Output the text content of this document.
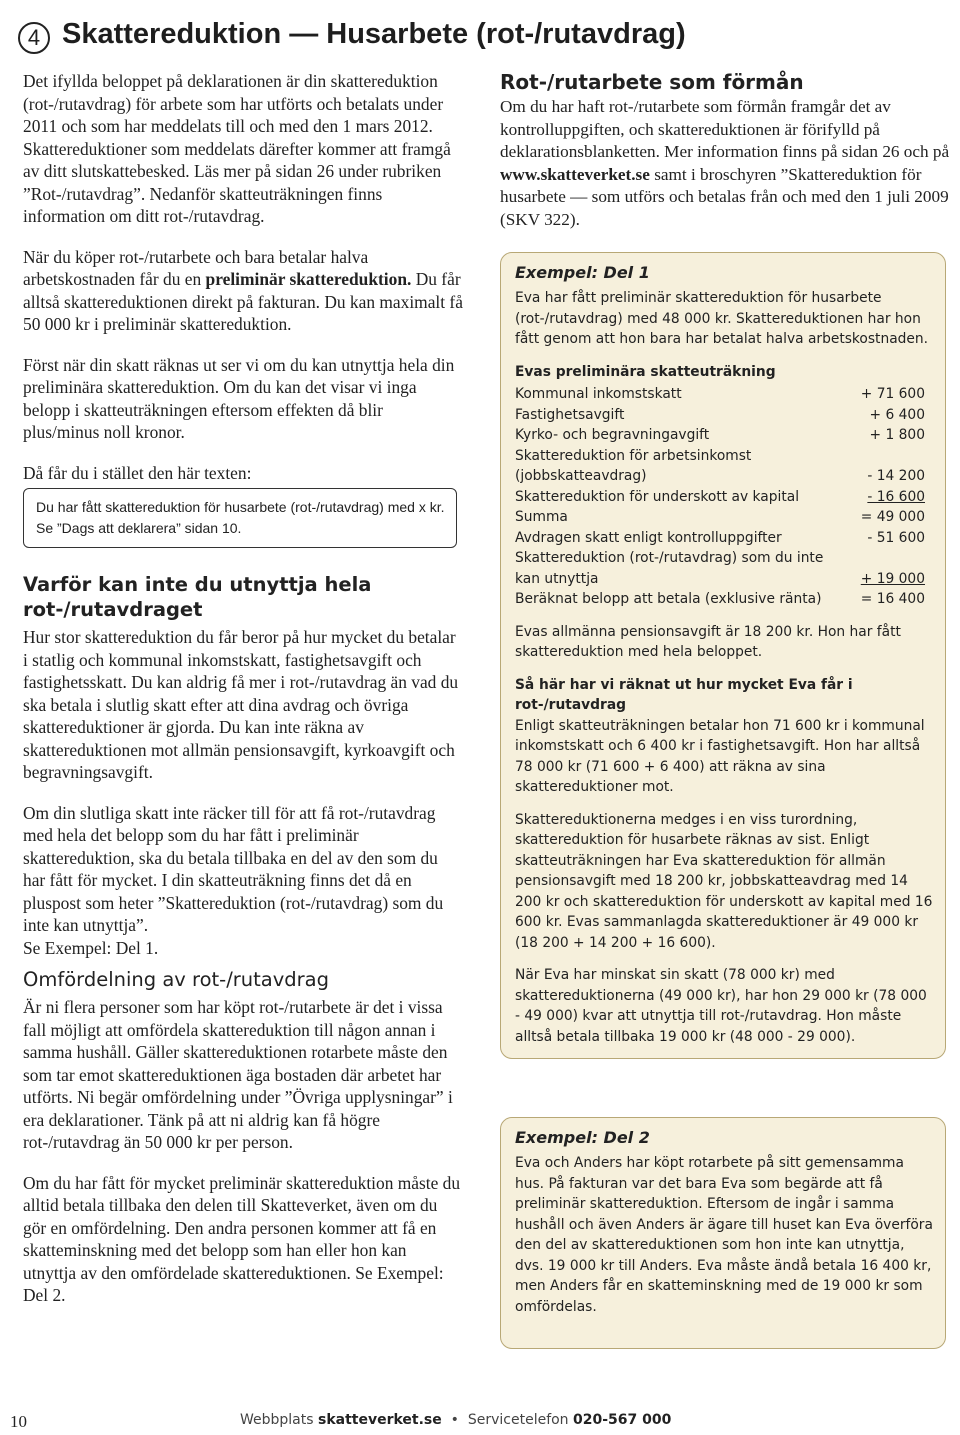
4 Skattereduktion — Husarbete (rot-/rutavdrag)

Det ifyllda beloppet på deklarationen är din skattereduktion (rot-/rutavdrag) för arbete som har utförts och betalats under 2011 och som har meddelats till och med den 1 mars 2012. Skattereduktioner som meddelats därefter kommer att framgå av ditt slutskattebesked. Läs mer på sidan 26 under rubriken ”Rot-/rutavdrag”. Nedanför skatteuträkningen finns information om ditt rot-/rutavdrag.

När du köper rot-/rutarbete och bara betalar halva arbetskostnaden får du en preliminär skattereduktion. Du får alltså skattereduktionen direkt på fakturan. Du kan maximalt få 50 000 kr i preliminär skattereduktion.

Först när din skatt räknas ut ser vi om du kan utnyttja hela din preliminära skattereduktion. Om du kan det visar vi inga belopp i skatteuträkningen eftersom effekten då blir plus/minus noll kronor.

Då får du i stället den här texten:

Du har fått skattereduktion för husarbete (rot-/rutavdrag) med x kr. Se ”Dags att deklarera” sidan 10.
Varför kan inte du utnyttja hela rot-/rutavdraget

Hur stor skattereduktion du får beror på hur mycket du betalar i statlig och kommunal inkomstskatt, fastighetsavgift och fastighetsskatt. Du kan aldrig få mer i rot-/rutavdrag än vad du ska betala i slutlig skatt efter att dina avdrag och övriga skattereduktioner är gjorda. Du kan inte räkna av skattereduktionen mot allmän pensionsavgift, kyrkoavgift och begravningsavgift.

Om din slutliga skatt inte räcker till för att få rot-/rutavdrag med hela det belopp som du har fått i preliminär skattereduktion, ska du betala tillbaka en del av den som du har fått för mycket. I din skatteuträkning finns det då en pluspost som heter ”Skattereduktion (rot-/rutavdrag) som du inte kan utnyttja”.
Se Exempel: Del 1.

Omfördelning av rot-/rutavdrag

Är ni flera personer som har köpt rot-/rutarbete är det i vissa fall möjligt att omfördela skattereduktion till någon annan i samma hushåll. Gäller skattereduktionen rotarbete måste den som tar emot skattereduktionen äga bostaden där arbetet har utförts. Ni begär omfördelning under ”Övriga upplysningar” i era deklarationer. Tänk på att ni aldrig kan få högre rot-/rutavdrag än 50 000 kr per person.

Om du har fått för mycket preliminär skattereduktion måste du alltid betala tillbaka den delen till Skatteverket, även om du gör en omfördelning. Den andra personen kommer att få en skatteminskning med det belopp som han eller hon kan utnyttja av den omfördelade skattereduktionen. Se Exempel: Del 2.

Rot-/rutarbete som förmån

Om du har haft rot-/rutarbete som förmån framgår det av kontrolluppgiften, och skattereduktionen är förifylld på deklarationsblanketten. Mer information finns på sidan 26 och på www.skatteverket.se samt i broschyren ”Skattereduktion för husarbete — som utförs och betalas från och med den 1 juli 2009 (SKV 322).

Exempel: Del 1

Eva har fått preliminär skattereduktion för husarbete (rot-/rutavdrag) med 48 000 kr. Skattereduktionen har hon fått genom att hon bara har betalat halva arbetskostnaden.

Evas preliminära skatteuträkning
Kommunal inkomstskatt	+ 71 600
Fastighetsavgift	+ 6 400
Kyrko- och begravningavgift	+ 1 800
Skattereduktion för arbetsinkomst (jobbskatteavdrag)	- 14 200
Skattereduktion för underskott av kapital	- 16 600
Summa	= 49 000
Avdragen skatt enligt kontrolluppgifter	- 51 600
Skattereduktion (rot-/rutavdrag) som du inte kan utnyttja	+ 19 000
Beräknat belopp att betala (exklusive ränta)	= 16 400

Evas allmänna pensionsavgift är 18 200 kr. Hon har fått skattereduktion med hela beloppet.

Så här har vi räknat ut hur mycket Eva får i rot-/rutavdrag

Enligt skatteuträkningen betalar hon 71 600 kr i kommunal inkomstskatt och 6 400 kr i fastighetsavgift. Hon har alltså 78 000 kr (71 600 + 6 400) att räkna av sina skattereduktioner mot.

Skattereduktionerna medges i en viss turordning, skattereduktion för husarbete räknas av sist. Enligt skatteuträkningen har Eva skattereduktion för allmän pensionsavgift med 18 200 kr, jobbskatteavdrag med 14 200 kr och skattereduktion för underskott av kapital med 16 600 kr. Evas sammanlagda skattereduktioner är 49 000 kr (18 200 + 14 200 + 16 600).

När Eva har minskat sin skatt (78 000 kr) med skattereduktionerna (49 000 kr), har hon 29 000 kr (78 000 - 49 000) kvar att utnyttja till rot-/rutavdrag. Hon måste alltså betala tillbaka 19 000 kr (48 000 - 29 000).

Exempel: Del 2

Eva och Anders har köpt rotarbete på sitt gemensamma hus. På fakturan var det bara Eva som begärde att få preliminär skattereduktion. Eftersom de ingår i samma hushåll och även Anders är ägare till huset kan Eva överföra den del av skattereduktionen som hon inte kan utnyttja, dvs. 19 000 kr till Anders. Eva måste ändå betala 16 400 kr, men Anders får en skatteminskning med de 19 000 kr som omfördelas.

10	Webbplats skatteverket.se • Servicetelefon 020-567 000
